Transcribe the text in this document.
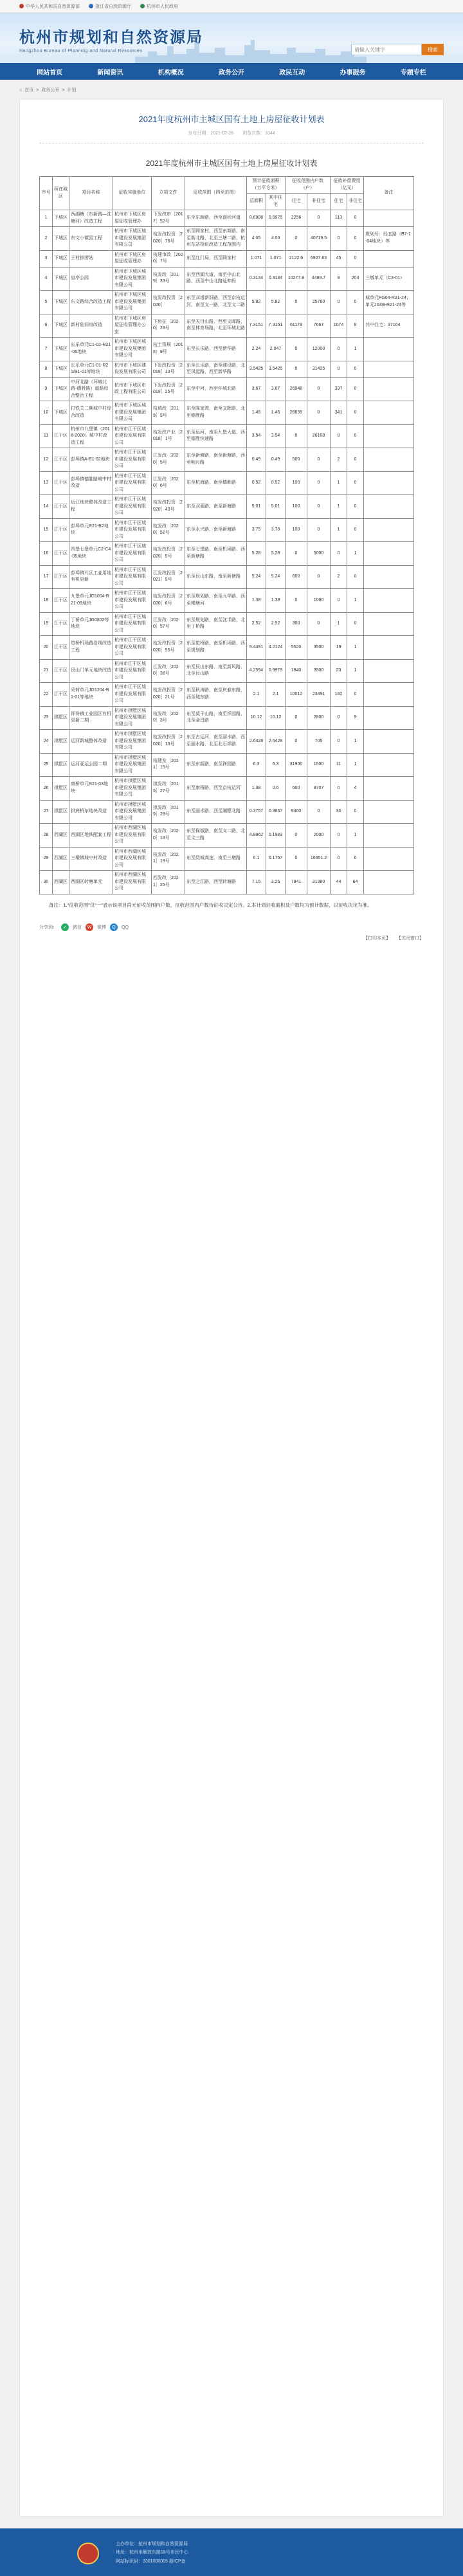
中华人民共和国自然资源部	浙江省自然资源厅	杭州市人民政府
杭州市规划和自然资源局
Hangzhou Bureau of Planning and Natural Resources
请输入关键字	搜索
网站首页	新闻资讯	机构概况	政务公开	政民互动	办事服务	专题专栏
⌂ 首页 > 政务公开 > 计划
2021年度杭州市主城区国有土地上房屋征收计划表
发布日期：2021-02-26 浏览次数：1044
2021年度杭州市主城区国有土地上房屋征收计划表
序号	所在城区	项目名称	征收实施单位	立项文件	征收范围（四至范围）	预计征收面积（万平方米）		征收范围内户数（户）		征收补偿费用（亿元）		备注
						总面积	其中住宅	住宅	非住宅	住宅	非住宅	
1	下城区	西湖塘（东新路—沈塘河）改造工程	杭州市下城区房屋征收管理办	下发改审［2017］52号	东至东新路，西至现状河道	0.6988	0.6975	2256	0	113	0	
2	下城区	东文小微园工程	杭州市下城区城市建设发展集团有限公司	杭发改投资［2020］76号	东至顾家村，西至东新路，南至新北路，北至三塘二路，杭州东站枢纽改造工程范围内	4.05	4.03	0	40719.5	0	0	规划号：经五路（B7-1-04地块）等
3	下城区	王村排涝站	杭州市下城区房屋征收管理办	杭建市政［2020］7号	东至红门局，西至顾家村	1.071	1.071	2122.6	6927.63	45	0	
4	下城区	皇亭公园	杭州市下城区城市建设发展集团有限公司	杭发改［2019］33号	东至西湖大道，南至中山北路，西至中山北路延伸段	0.3134	0.3134	10277.9	4489.7	9	204	三墩单元（C3-01）
5	下城区	东文路综合改造工程	杭州市下城区城市建设发展集团有限公司	杭发改投资［2020］	东至双塔新旧路，西至京杭运河，南至文一路，北至文二路	5.82	5.82	0	25760	0	0	城单元FG04-R21-24；单元JG08-R21-24等
6	下城区	新村危旧房改造	杭州市下城区房屋征收管理办公室	下房征［2020］28号	东至天目山路，西至文晖路，南至体育场路，北至环城北路	7.3151	7.3151	61178	7667	1074	8	其中住宅：37164
7	下城区	长乐单元C1-02-R21-05地块	杭州市下城区城市建设发展集团有限公司	杭土资规（2018）9号	东至长乐路，西至新华路	2.24	2.047	0	12000	0	1	
8	下城区	长乐单元C1-01-R21/B1-01等地块	杭州市下城区建设发展有限公司	下发改投资［2019］13号	东至长乐路，南至建设路，北至凤起路，西至新华路	3.5425	3.5425	0	31425	0	0	
9	下城区	中河北路（环城北路-德胜路）道路综合整治工程	杭州市下城区市政工程有限公司	下发改投资［2019］25号	东至中河，西至环城北路	3.67	3.67	26948	0	337	0	
10	下城区	打铁关二期城中村综合改造	杭州市下城区城市建设发展集团有限公司	杭城改［2019］9号	东至陈家湾，南至文晖路，北至德胜路	1.45	1.45	26659	0	341	0	
11	江干区	杭州市九堡镇（2018-2020）城中村改造工程	杭州市江干区城市建设发展有限公司	杭发改产业［2018］1号	东至运河，南至九堡大道，西至德胜快速路	3.54	3.54	0	26108	0	0	
12	江干区	彭埠镇A-B1-02地块	杭州市江干区城市建设发展有限公司	江发改［2020］5号	东至新塘路，南至新塘路，西至明月路	0.49	0.49	500	0	2	0	
13	江干区	彭埠镇德胜路城中村改造	杭州市江干区城市建设发展有限公司	江发改［2020］6号	东至杭海路，南至德胜路	0.52	0.52	100	0	1	0	
14	江干区	近江地块整体改造工程	杭州市江干区城市建设发展有限公司	杭发改投资［2020］43号	东至双菱路，南至新塘路	5.01	5.01	100	0	1	0	
15	江干区	彭埠单元R21-B2地块	杭州市江干区城市建设发展有限公司	杭发改［2020］52号	东至永兴路，南至新塘路	3.75	3.75	100	0	1	0	
16	江干区	四堡七堡单元C2-C4-05地块	杭州市江干区城市建设发展有限公司	杭发改投资［2020］5号	东至七堡路，南至机场路，西至新塘路	5.28	5.28	0	5000	0	1	
17	江干区	彭埠镇片区工业用地有机更新	杭州市江干区城市建设发展有限公司	江发改投资［2021］9号	东至艮山东路，南至新塘路	5.24	5.24	600	0	2	0	
18	江干区	九堡单元JG1004-R21-09地块	杭州市江干区城市建设发展有限公司	杭发改投资［2020］6号	东至规划路，南至九华路，西至横塘河	1.38	1.38	0	1080	0	1	
19	江干区	丁桥单元JG0802等地块	杭州市江干区城市建设发展有限公司	江发改［2020］57号	东至规划路，南至沈半路，北至丁桥路	2.52	2.52	300	0	1	0	
20	江干区	笕桥机场路沿线改造工程	杭州市江干区城市建设发展有限公司	杭发改投资［2020］55号	东至笕桥路，南至机场路，西至规划路	9.4491	4.2124	5520	3500	19	1	
21	江干区	艮山门单元地块改造	杭州市江干区城市建设发展有限公司	江发改［2020］38号	东至艮山东路，南至新风路，北至艮山路	4.2594	0.9979	1840	3500	23	1	
22	江干区	采荷单元JG1204-B1-01等地块	杭州市江干区城市建设发展有限公司	杭发改投资［2020］21号	东至秋涛路，南至庆春东路，西至城东路	2.1	2.1	10012	23491	182	0	
23	拱墅区	祥符镇工业园区有机更新二期	杭州市拱墅区城市建设发展集团有限公司	杭发改［2020］3号	东至莫干山路，南至祥园路，北至金昌路	10.12	10.12	0	2800	0	9	
24	拱墅区	运河新城整体改造	杭州市拱墅区城市建设发展集团有限公司	杭发改投资［2020］13号	东至古运河，南至丽水路，西至丽水路，北至北石祥路	2.6428	2.6428	0	705	0	1	
25	拱墅区	运河亚运公园二期	杭州市拱墅区城市建设发展集团有限公司	杭建发［2021］15号	东至东新路，南至祥园路	6.3	6.3	31900	1500	11	1	
26	拱墅区	康桥单元R21-03地块	杭州市拱墅区城市建设发展集团有限公司	拱发改［2019］27号	东至康桥路，西至京杭运河	1.38	0.6	600	8707	0	4	
27	拱墅区	拱宸桥东地块改造	杭州市拱墅区城市建设发展集团有限公司	拱发改［2019］28号	东至丽水路，西至湖墅北路	0.3757	0.3667	9400	0	36	0	
28	西湖区	西湖区地铁配套工程	杭州市西湖区城市建设发展有限公司	杭发改［2020］18号	东至保俶路，南至文二路，北至文三路	4.9962	0.1983	0	2000	0	1	
29	西湖区	三墩镇城中村改造	杭州市西湖区城市建设发展有限公司	杭发改［2021］19号	东至绕城高速，南至三墩路	6.1	6.1757	0	16651.2	0	6	
30	西湖区	西湖区转塘单元	杭州市西湖区城市建设发展有限公司	西发改［2021］25号	东至之江路，西至转塘路	7.15	3.25	7841	31380	44	64	
备注：1.“征收范围”仅“一”表示该项目尚无征收范围内户数，征收范围内户数待征收决定公告。2.本计划征收面积及户数均为预计数据，以征收决定为准。
分享到：	✓	微信	W	微博	Q	QQ
【打印本页】 【关闭窗口】
主办单位：杭州市规划和自然资源局
地址：杭州市解放东路18号市民中心
网站标识码：3301000005 浙ICP备
